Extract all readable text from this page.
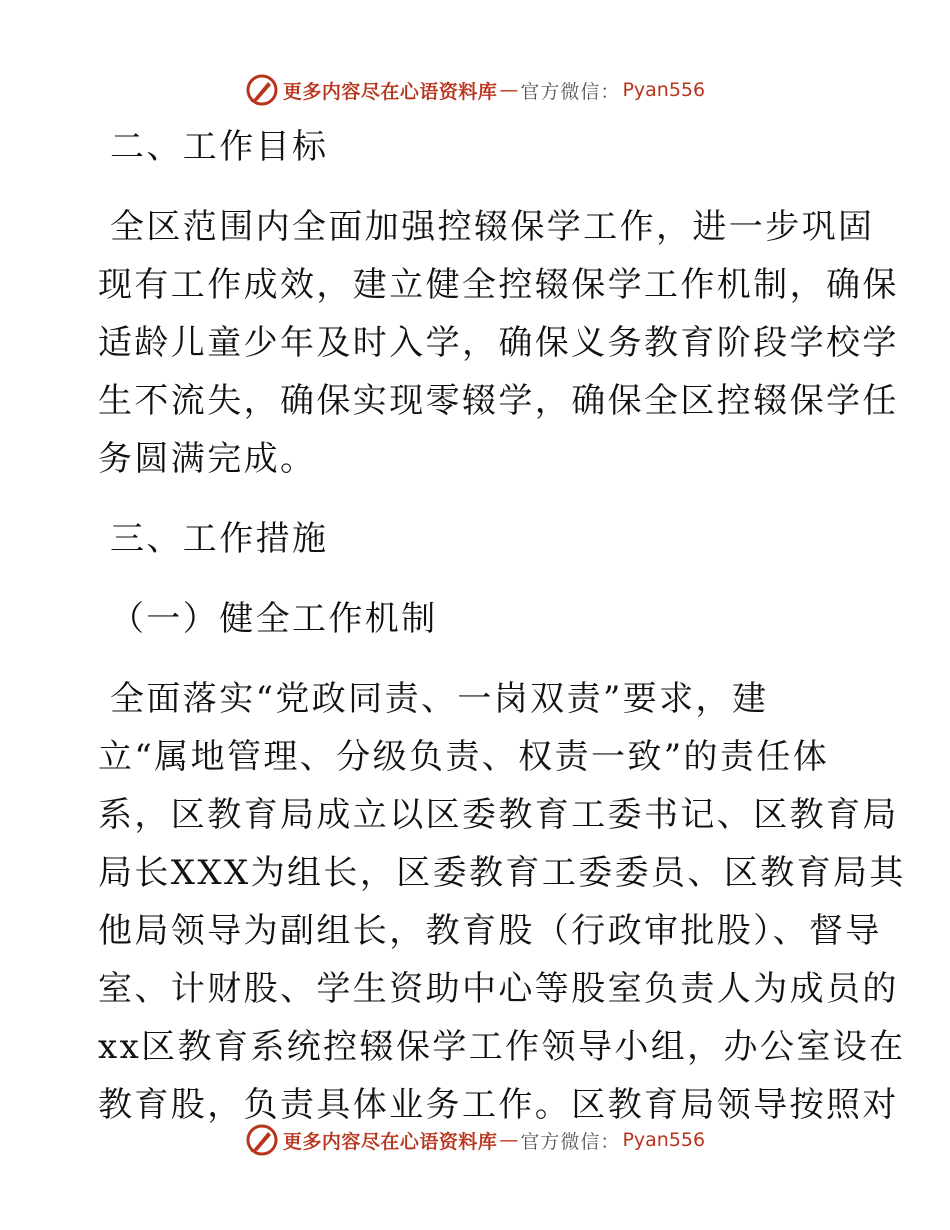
更多内容尽在心语资料库 — 官方微信： Pyan556
二、工作目标
全区范围内全面加强控辍保学工作，进一步巩固
现有工作成效，建立健全控辍保学工作机制，确保
适龄儿童少年及时入学，确保义务教育阶段学校学
生不流失，确保实现零辍学，确保全区控辍保学任
务圆满完成。
三、工作措施
（一）健全工作机制
全面落实“党政同责、一岗双责”要求，建
立“属地管理、分级负责、权责一致”的责任体
系，区教育局成立以区委教育工委书记、区教育局
局长XXX为组长，区委教育工委委员、区教育局其
他局领导为副组长，教育股（行政审批股）、督导
室、计财股、学生资助中心等股室负责人为成员的
xx区教育系统控辍保学工作领导小组，办公室设在
教育股，负责具体业务工作。区教育局领导按照对
更多内容尽在心语资料库 — 官方微信： Pyan556
